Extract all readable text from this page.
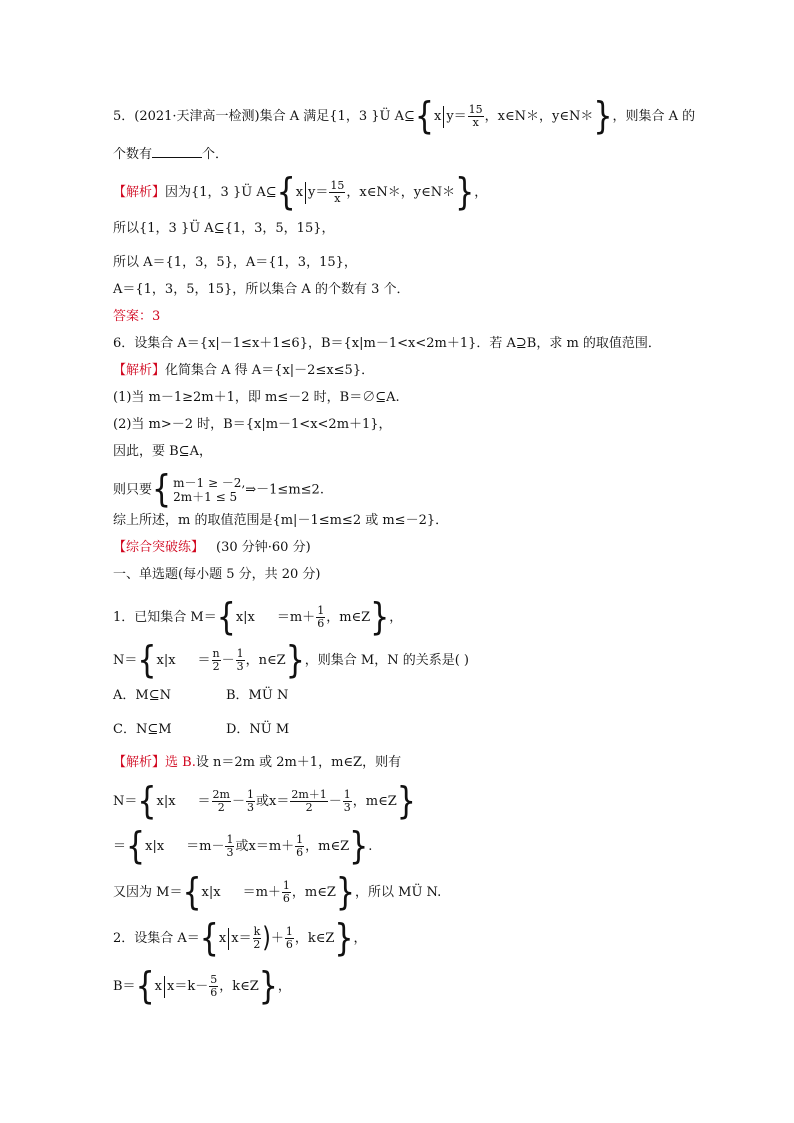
5．(2021·天津高一检测)集合 A 满足{1，3 }Ü A⊆{x $y= \frac{15}{x}$ ，x∈N＊，y∈N＊}，则集合 A 的
个数有	个．
【解析】因为{1，3 }Ü A⊆{x $y= \frac{15}{x}$ ，x∈N＊，y∈N＊}，
所以{1，3 }Ü A⊆{1，3，5，15}，
所以 A＝{1，3，5}，A＝{1，3，15}，
A＝{1，3，5，15}，所以集合 A 的个数有 3 个．
答案：3
6．设集合 A＝{x|－1≤x＋1≤6}，B＝{x|m－1<x<2m＋1}．若 A⊇B，求 m 的取值范围．
【解析】化简集合 A 得 A＝{x|－2≤x≤5}．
(1)当 m－1≥2m＋1，即 m≤－2 时，B＝∅⊆A.
(2)当 m>－2 时，B＝{x|m－1<x<2m＋1}，
因此，要 B⊆A，
则只要{ m－1 ≥ －2,
2m＋1 ≤ 5 ⇒－1≤m≤2.
综上所述，m 的取值范围是{m|－1≤m≤2 或 m≤－2}．
【综合突破练】 (30 分钟·60 分)
一、单选题(每小题 5 分，共 20 分)
1．已知集合 $M=\{x|x =m+ \frac{1}{6}$ ，m∈Z}，
$N=\{x|x = \frac{n}{2} - \frac{1}{3}$ ，n∈Z}，则集合 M，N 的关系是( )
A．M⊆N	B．MÜ N
C．N⊆M	D．NÜ M
【解析】选 B.设 n＝2m 或 2m＋1，m∈Z，则有
$N=\{x|x = \frac{2m}{2} - \frac{1}{3}$ 或$x= \frac{2m+1}{2} - \frac{1}{3}$ ，m∈Z}
$=\{x|x =m- \frac{1}{3}$ 或$x=m+ \frac{1}{6}$ ，m∈Z}.
又因为 $M=\{x|x =m+ \frac{1}{6}$ ，m∈Z}，所以 MÜ N.
2．设集合 A＝{x $x= \frac{k}{2}$ )＋ $\frac{1}{6}$ ，k∈Z}，
B＝{x $x=k- \frac{5}{6}$ ，k∈Z}，
